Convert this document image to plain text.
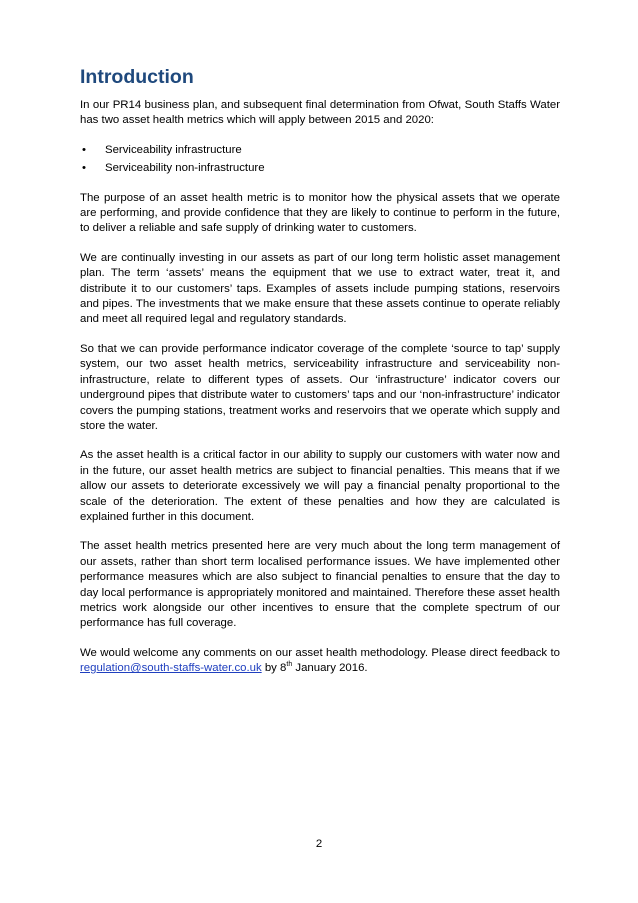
Introduction

In our PR14 business plan, and subsequent final determination from Ofwat, South Staffs Water has two asset health metrics which will apply between 2015 and 2020:

• Serviceability infrastructure
• Serviceability non-infrastructure

The purpose of an asset health metric is to monitor how the physical assets that we operate are performing, and provide confidence that they are likely to continue to perform in the future, to deliver a reliable and safe supply of drinking water to customers.

We are continually investing in our assets as part of our long term holistic asset management plan. The term ‘assets’ means the equipment that we use to extract water, treat it, and distribute it to our customers’ taps. Examples of assets include pumping stations, reservoirs and pipes. The investments that we make ensure that these assets continue to operate reliably and meet all required legal and regulatory standards.

So that we can provide performance indicator coverage of the complete ‘source to tap’ supply system, our two asset health metrics, serviceability infrastructure and serviceability non-infrastructure, relate to different types of assets. Our ‘infrastructure’ indicator covers our underground pipes that distribute water to customers’ taps and our ‘non-infrastructure’ indicator covers the pumping stations, treatment works and reservoirs that we operate which supply and store the water.

As the asset health is a critical factor in our ability to supply our customers with water now and in the future, our asset health metrics are subject to financial penalties. This means that if we allow our assets to deteriorate excessively we will pay a financial penalty proportional to the scale of the deterioration. The extent of these penalties and how they are calculated is explained further in this document.

The asset health metrics presented here are very much about the long term management of our assets, rather than short term localised performance issues. We have implemented other performance measures which are also subject to financial penalties to ensure that the day to day local performance is appropriately monitored and maintained. Therefore these asset health metrics work alongside our other incentives to ensure that the complete spectrum of our performance has full coverage.

We would welcome any comments on our asset health methodology. Please direct feedback to regulation@south-staffs-water.co.uk by 8th January 2016.

2
